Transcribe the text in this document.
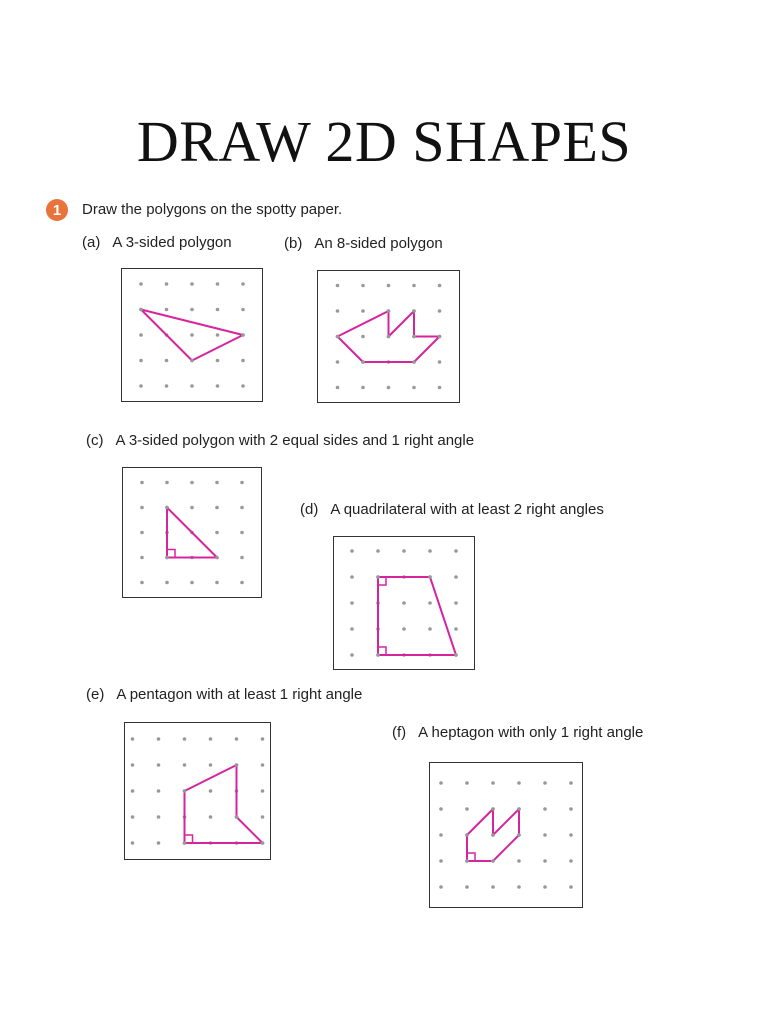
DRAW 2D SHAPES
1	Draw the polygons on the spotty paper.
(a) A 3-sided polygon	(b) An 8-sided polygon
(c) A 3-sided polygon with 2 equal sides and 1 right angle
(d) A quadrilateral with at least 2 right angles
(e) A pentagon with at least 1 right angle
(f) A heptagon with only 1 right angle
